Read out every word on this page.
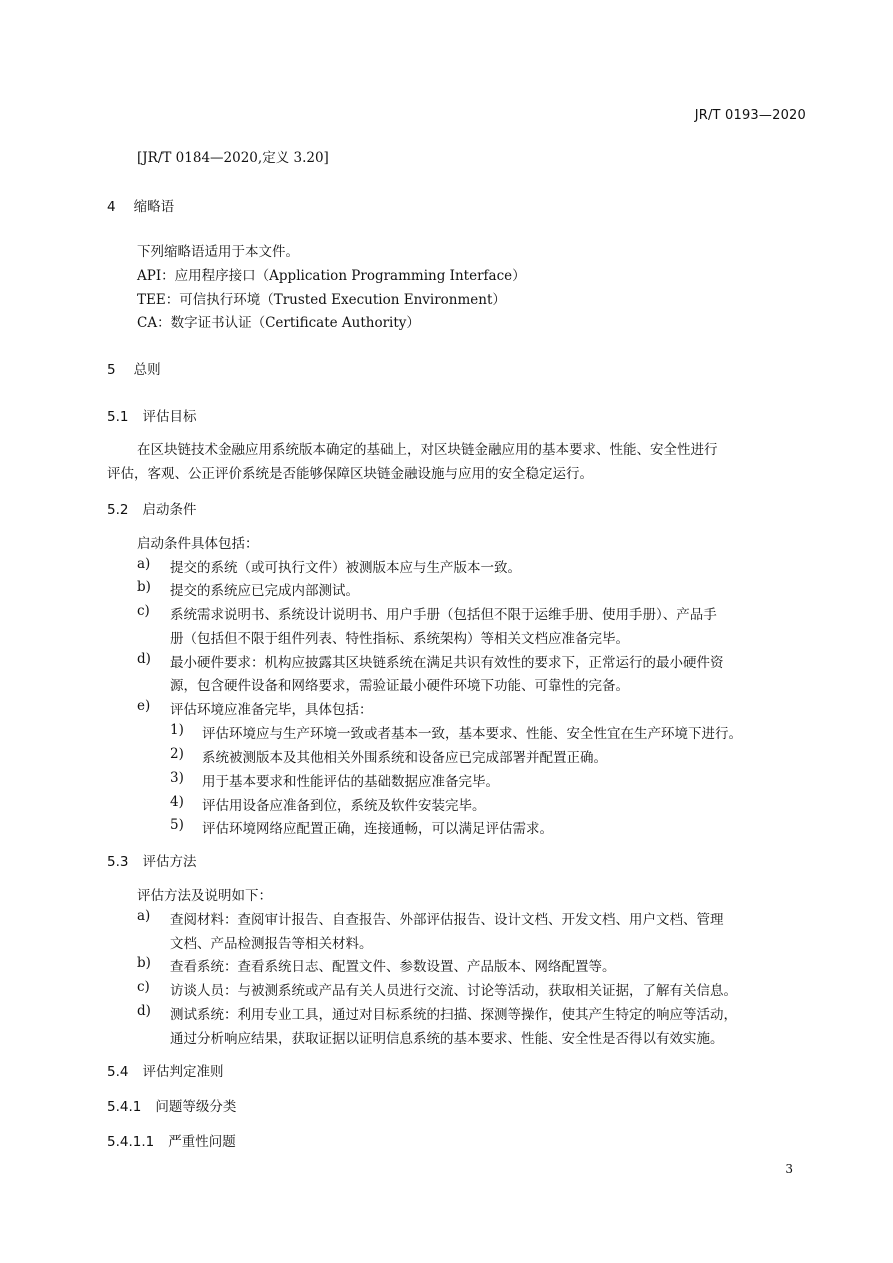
JR/T 0193—2020
[JR/T 0184—2020,定义 3.20]
4 缩略语
下列缩略语适用于本文件。
API：应用程序接口（Application Programming Interface）
TEE：可信执行环境（Trusted Execution Environment）
CA：数字证书认证（Certificate Authority）
5 总则
5.1 评估目标
在区块链技术金融应用系统版本确定的基础上，对区块链金融应用的基本要求、性能、安全性进行
评估，客观、公正评价系统是否能够保障区块链金融设施与应用的安全稳定运行。
5.2 启动条件
启动条件具体包括：
a) 提交的系统（或可执行文件）被测版本应与生产版本一致。
b) 提交的系统应已完成内部测试。
c) 系统需求说明书、系统设计说明书、用户手册（包括但不限于运维手册、使用手册）、产品手
册（包括但不限于组件列表、特性指标、系统架构）等相关文档应准备完毕。
d) 最小硬件要求：机构应披露其区块链系统在满足共识有效性的要求下，正常运行的最小硬件资
源，包含硬件设备和网络要求，需验证最小硬件环境下功能、可靠性的完备。
e) 评估环境应准备完毕，具体包括：
1) 评估环境应与生产环境一致或者基本一致，基本要求、性能、安全性宜在生产环境下进行。
2) 系统被测版本及其他相关外围系统和设备应已完成部署并配置正确。
3) 用于基本要求和性能评估的基础数据应准备完毕。
4) 评估用设备应准备到位，系统及软件安装完毕。
5) 评估环境网络应配置正确，连接通畅，可以满足评估需求。
5.3 评估方法
评估方法及说明如下：
a) 查阅材料：查阅审计报告、自查报告、外部评估报告、设计文档、开发文档、用户文档、管理
文档、产品检测报告等相关材料。
b) 查看系统：查看系统日志、配置文件、参数设置、产品版本、网络配置等。
c) 访谈人员：与被测系统或产品有关人员进行交流、讨论等活动，获取相关证据，了解有关信息。
d) 测试系统：利用专业工具，通过对目标系统的扫描、探测等操作，使其产生特定的响应等活动，
通过分析响应结果，获取证据以证明信息系统的基本要求、性能、安全性是否得以有效实施。
5.4 评估判定准则
5.4.1 问题等级分类
5.4.1.1 严重性问题
3
